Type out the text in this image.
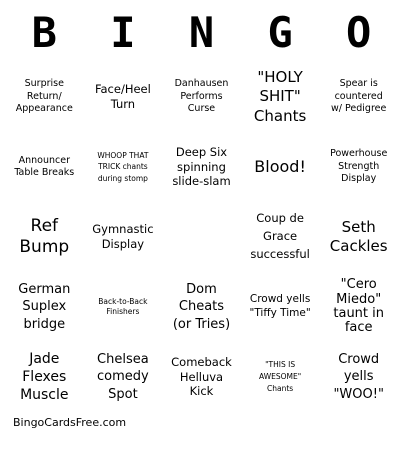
B	I	N	G	O
Surprise Return/ Appearance
Face/Heel Turn
Danhausen Performs Curse
"HOLY SHIT" Chants
Spear is countered w/ Pedigree
Announcer Table Breaks
WHOOP THAT TRICK chants during stomp
Deep Six spinning slide-slam
Blood!
Powerhouse Strength Display
Ref Bump
Gymnastic Display
Coup de Grace successful
Seth Cackles
German Suplex bridge
Back-to-Back Finishers
Dom Cheats (or Tries)
Crowd yells "Tiffy Time"
"Cero Miedo" taunt in face
Jade Flexes Muscle
Chelsea comedy Spot
Comeback Helluva Kick
"THIS IS AWESOME" Chants
Crowd yells "WOO!"
BingoCardsFree.com
